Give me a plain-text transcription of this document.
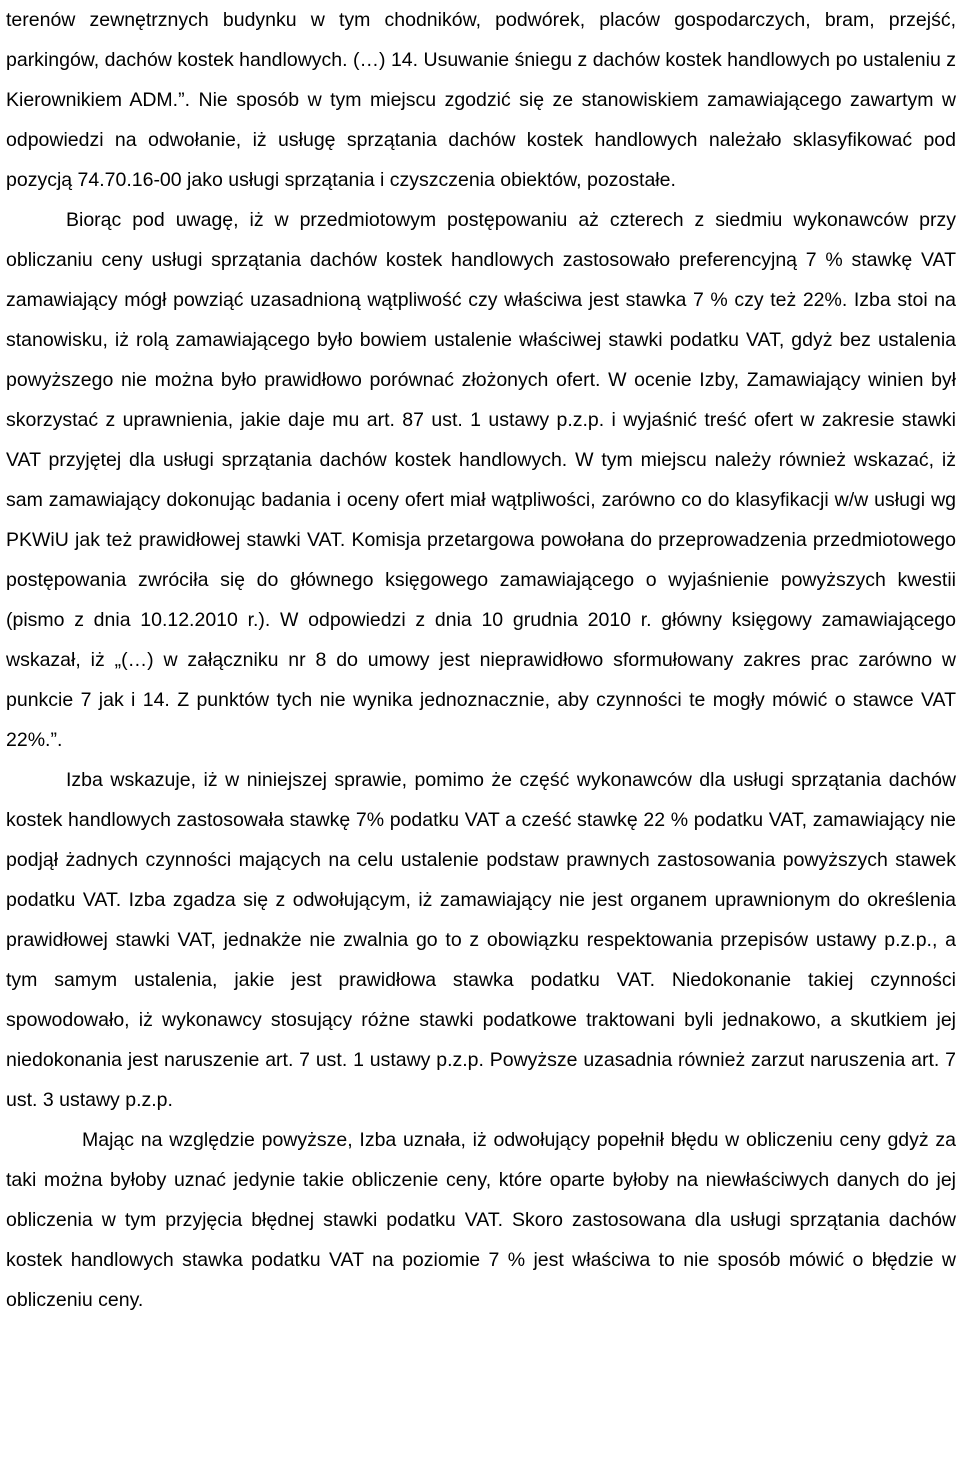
terenów zewnętrznych budynku w tym chodników, podwórek, placów gospodarczych, bram, przejść, parkingów, dachów kostek handlowych. (…) 14. Usuwanie śniegu z dachów kostek handlowych po ustaleniu z Kierownikiem ADM.”. Nie sposób w tym miejscu zgodzić się ze stanowiskiem zamawiającego zawartym w odpowiedzi na odwołanie, iż usługę sprzątania dachów kostek handlowych należało sklasyfikować pod pozycją 74.70.16-00 jako usługi sprzątania i czyszczenia obiektów, pozostałe.

Biorąc pod uwagę, iż w przedmiotowym postępowaniu aż czterech z siedmiu wykonawców przy obliczaniu ceny usługi sprzątania dachów kostek handlowych zastosowało preferencyjną 7 % stawkę VAT zamawiający mógł powziąć uzasadnioną wątpliwość czy właściwa jest stawka 7 % czy też 22%. Izba stoi na stanowisku, iż rolą zamawiającego było bowiem ustalenie właściwej stawki podatku VAT, gdyż bez ustalenia powyższego nie można było prawidłowo porównać złożonych ofert. W ocenie Izby, Zamawiający winien był skorzystać z uprawnienia, jakie daje mu art. 87 ust. 1 ustawy p.z.p. i wyjaśnić treść ofert w zakresie stawki VAT przyjętej dla usługi sprzątania dachów kostek handlowych. W tym miejscu należy również wskazać, iż sam zamawiający dokonując badania i oceny ofert miał wątpliwości, zarówno co do klasyfikacji w/w usługi wg PKWiU jak też prawidłowej stawki VAT. Komisja przetargowa powołana do przeprowadzenia przedmiotowego postępowania zwróciła się do głównego księgowego zamawiającego o wyjaśnienie powyższych kwestii (pismo z dnia 10.12.2010 r.). W odpowiedzi z dnia 10 grudnia 2010 r. główny księgowy zamawiającego wskazał, iż „(…) w załączniku nr 8 do umowy jest nieprawidłowo sformułowany zakres prac zarówno w punkcie 7 jak i 14. Z punktów tych nie wynika jednoznacznie, aby czynności te mogły mówić o stawce VAT 22%.”.

Izba wskazuje, iż w niniejszej sprawie, pomimo że część wykonawców dla usługi sprzątania dachów kostek handlowych zastosowała stawkę 7% podatku VAT a cześć stawkę 22 % podatku VAT, zamawiający nie podjął żadnych czynności mających na celu ustalenie podstaw prawnych zastosowania powyższych stawek podatku VAT. Izba zgadza się z odwołującym, iż zamawiający nie jest organem uprawnionym do określenia prawidłowej stawki VAT, jednakże nie zwalnia go to z obowiązku respektowania przepisów ustawy p.z.p., a tym samym ustalenia, jakie jest prawidłowa stawka podatku VAT. Niedokonanie takiej czynności spowodowało, iż wykonawcy stosujący różne stawki podatkowe traktowani byli jednakowo, a skutkiem jej niedokonania jest naruszenie art. 7 ust. 1 ustawy p.z.p. Powyższe uzasadnia również zarzut naruszenia art. 7 ust. 3 ustawy p.z.p.

Mając na względzie powyższe, Izba uznała, iż odwołujący popełnił błędu w obliczeniu ceny gdyż za taki można byłoby uznać jedynie takie obliczenie ceny, które oparte byłoby na niewłaściwych danych do jej obliczenia w tym przyjęcia błędnej stawki podatku VAT. Skoro zastosowana dla usługi sprzątania dachów kostek handlowych stawka podatku VAT na poziomie 7 % jest właściwa to nie sposób mówić o błędzie w obliczeniu ceny.
